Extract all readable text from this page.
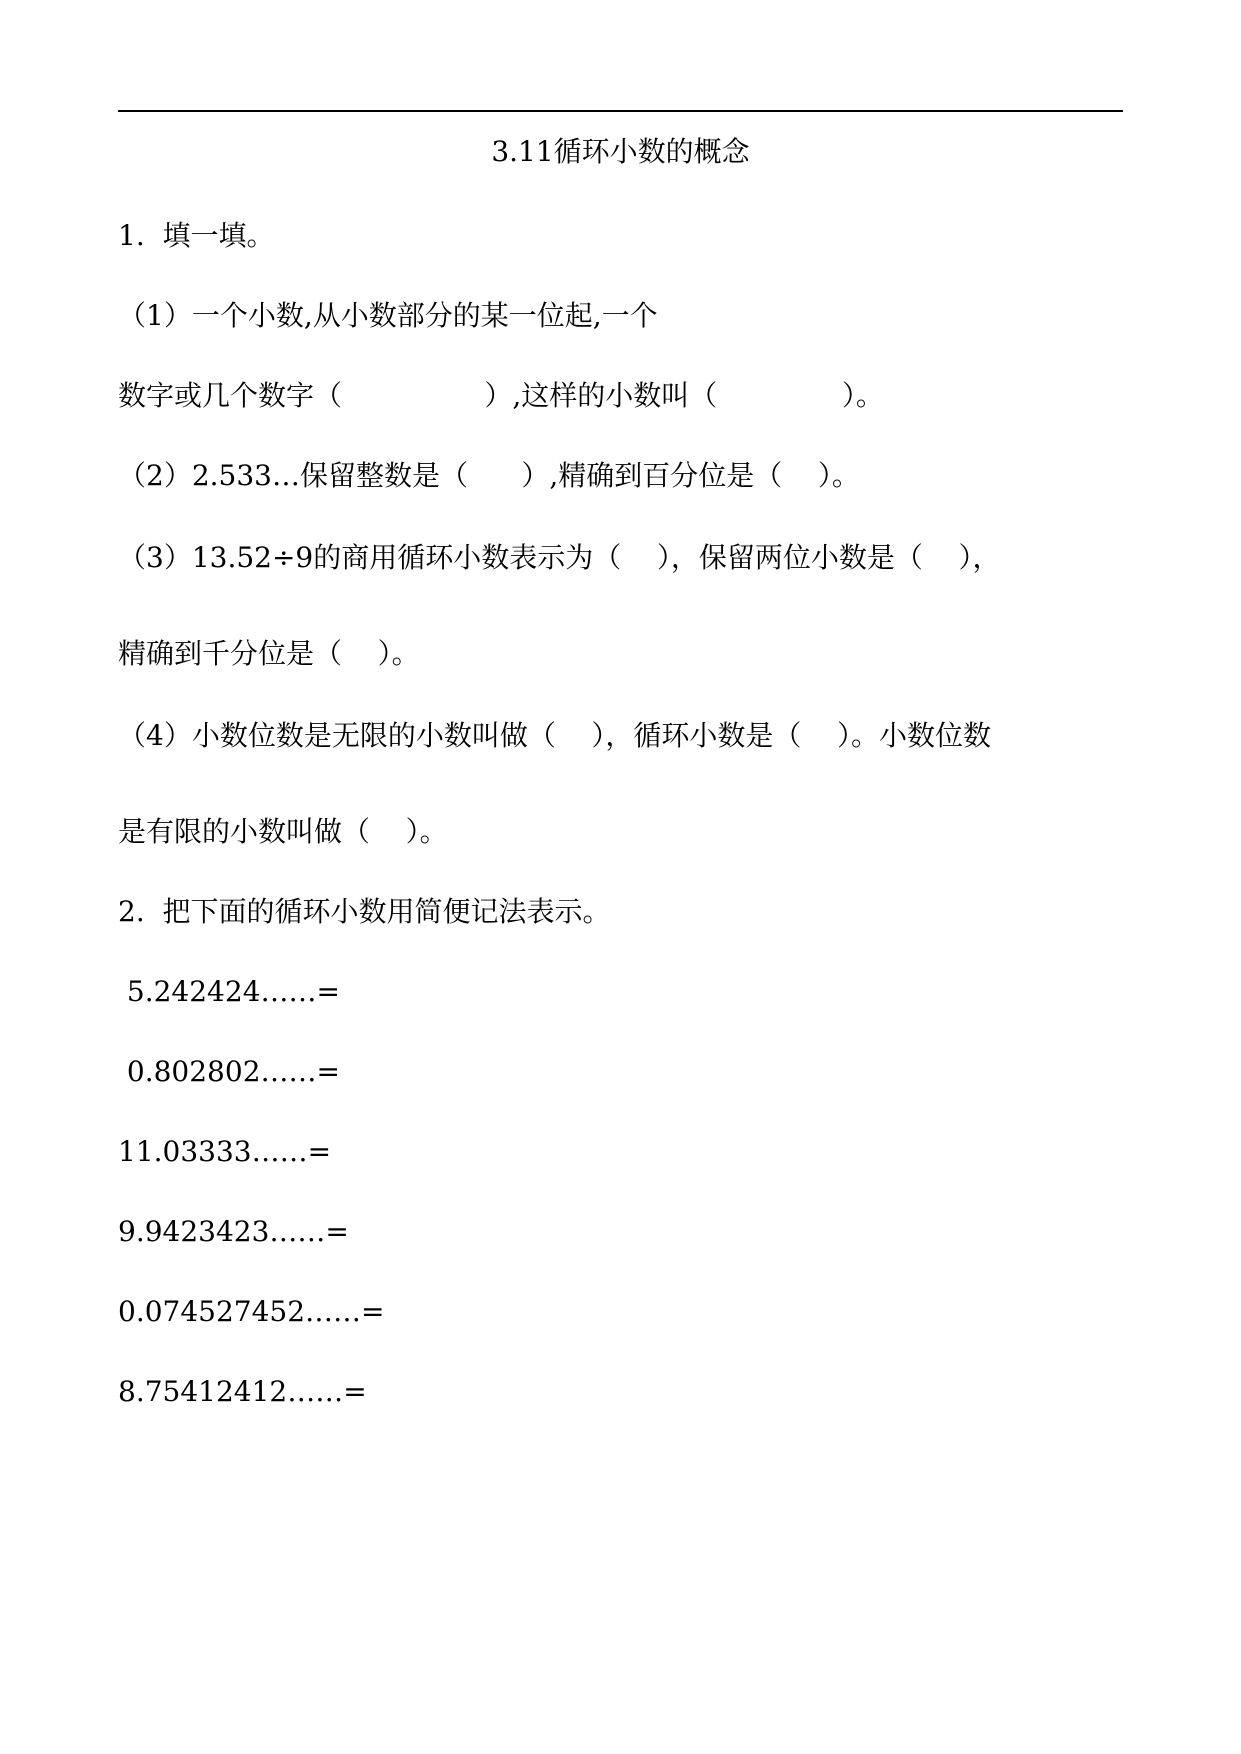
3.11循环小数的概念

1.  填一填。

（1）一个小数,从小数部分的某一位起,一个

数字或几个数字（                ）,这样的小数叫（              ）。

（2）2.533…保留整数是（      ）,精确到百分位是（    ）。

（3）13.52÷9的商用循环小数表示为（    ），保留两位小数是（    ），

精确到千分位是（    ）。

（4）小数位数是无限的小数叫做（    ），循环小数是（    ）。小数位数

是有限的小数叫做（    ）。

2.  把下面的循环小数用简便记法表示。

5.242424……=

0.802802……=

11.03333……=

9.9423423……=

0.074527452……=

8.75412412……=
